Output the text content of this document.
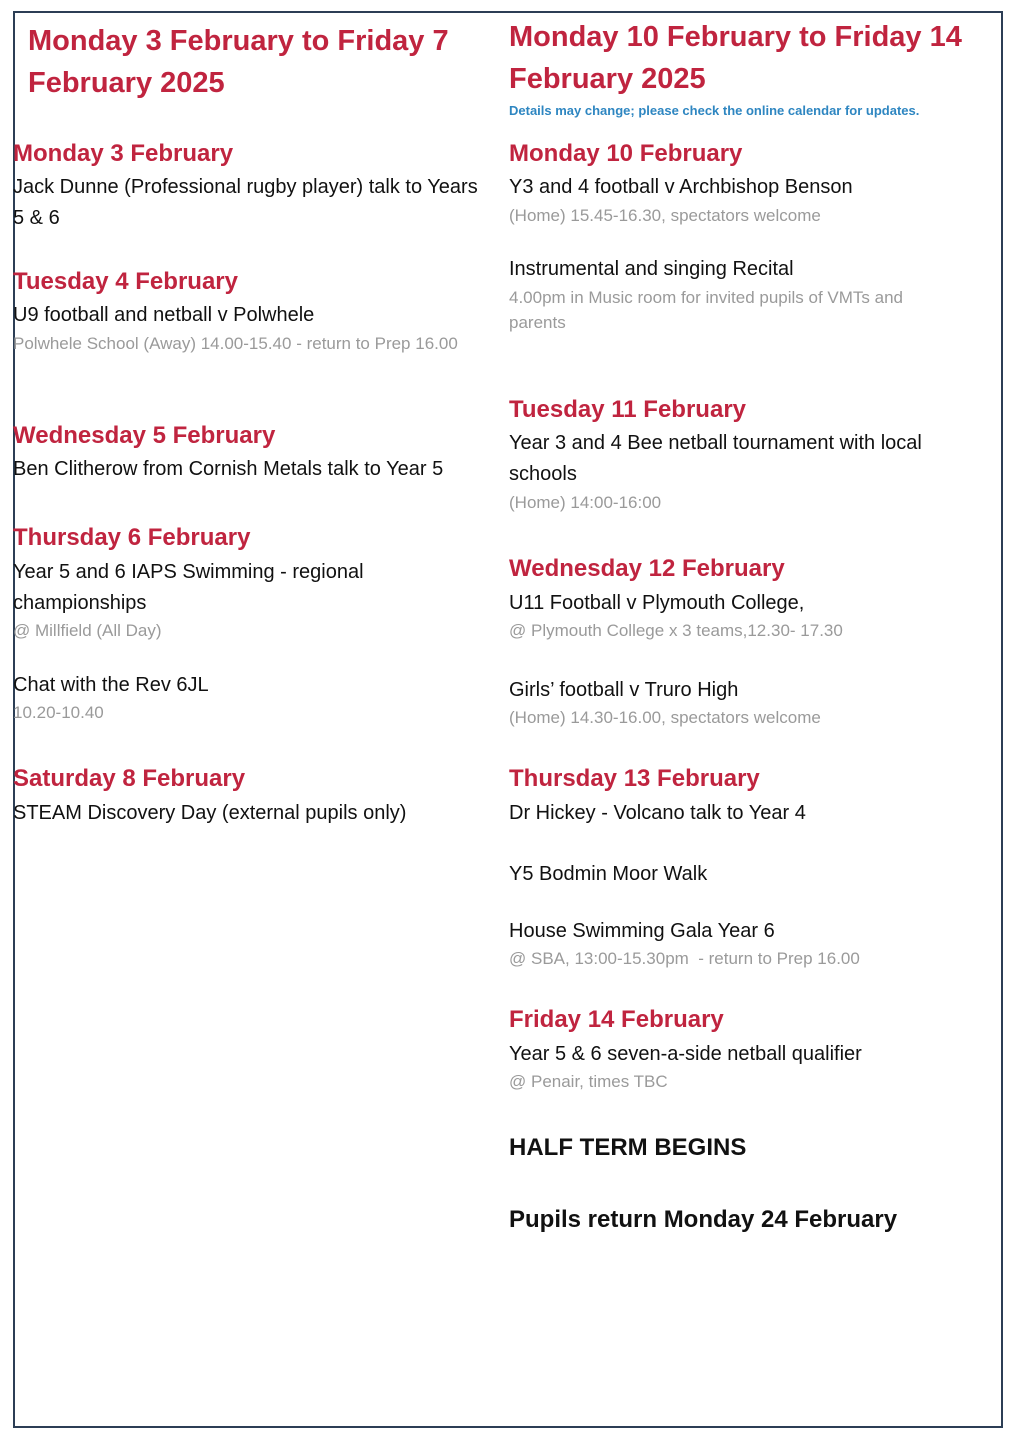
Monday 3 February to Friday 7 February 2025
Monday 3 February

Jack Dunne (Professional rugby player) talk to Years 5 & 6

Tuesday 4 February

U9 football and netball v Polwhele

Polwhele School (Away) 14.00-15.40 - return to Prep 16.00

Wednesday 5 February

Ben Clitherow from Cornish Metals talk to Year 5

Thursday 6 February

Year 5 and 6 IAPS Swimming - regional championships

@ Millfield (All Day)

Chat with the Rev 6JL

10.20-10.40

Saturday 8 February

STEAM Discovery Day (external pupils only)

Monday 10 February to Friday 14 February 2025
Details may change; please check the online calendar for updates.
Monday 10 February

Y3 and 4 football v Archbishop Benson

(Home) 15.45-16.30, spectators welcome

Instrumental and singing Recital

4.00pm in Music room for invited pupils of VMTs and parents

Tuesday 11 February

Year 3 and 4 Bee netball tournament with local schools

(Home) 14:00-16:00

Wednesday 12 February

U11 Football v Plymouth College,

@ Plymouth College x 3 teams,12.30- 17.30

Girls’ football v Truro High

(Home) 14.30-16.00, spectators welcome

Thursday 13 February

Dr Hickey - Volcano talk to Year 4

Y5 Bodmin Moor Walk

House Swimming Gala Year 6

@ SBA, 13:00-15.30pm  - return to Prep 16.00

Friday 14 February

Year 5 & 6 seven-a-side netball qualifier

@ Penair, times TBC

HALF TERM BEGINS

Pupils return Monday 24 February
